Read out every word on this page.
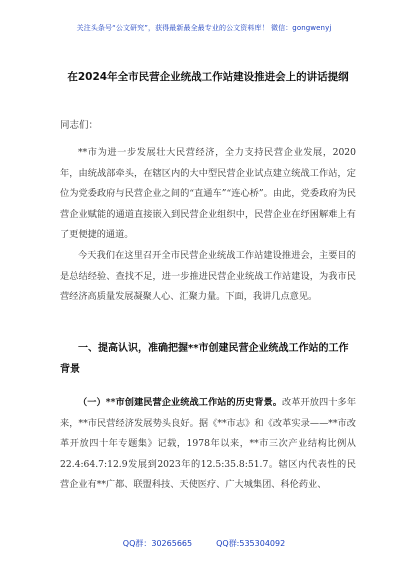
关注头条号“公文研究”，获得最新最全最专业的公文资料库！ 微信：gongwenyj
在2024年全市民营企业统战工作站建设推进会上的讲话提纲
同志们：

**市为进一步发展壮大民营经济，全力支持民营企业发展，2020年，由统战部牵头，在辖区内的大中型民营企业试点建立统战工作站，定位为党委政府与民营企业之间的“直通车”“连心桥”。由此，党委政府为民营企业赋能的通道直接嵌入到民营企业组织中，民营企业在纾困解难上有了更便捷的通道。

今天我们在这里召开全市民营企业统战工作站建设推进会，主要目的是总结经验、查找不足，进一步推进民营企业统战工作站建设，为我市民营经济高质量发展凝聚人心、汇聚力量。下面，我讲几点意见。

一、提高认识，准确把握**市创建民营企业统战工作站的工作背景

（一）**市创建民营企业统战工作站的历史背景。改革开放四十多年来，**市民营经济发展势头良好。据《**市志》和《改革实录——**市改革开放四十年专题集》记载，1978年以来，**市三次产业结构比例从22.4:64.7:12.9发展到2023年的12.5:35.8:51.7。辖区内代表性的民营企业有**广都、联盟科技、天使医疗、广大城集团、科伦药业、

QQ群：30265665	QQ群:535304092
